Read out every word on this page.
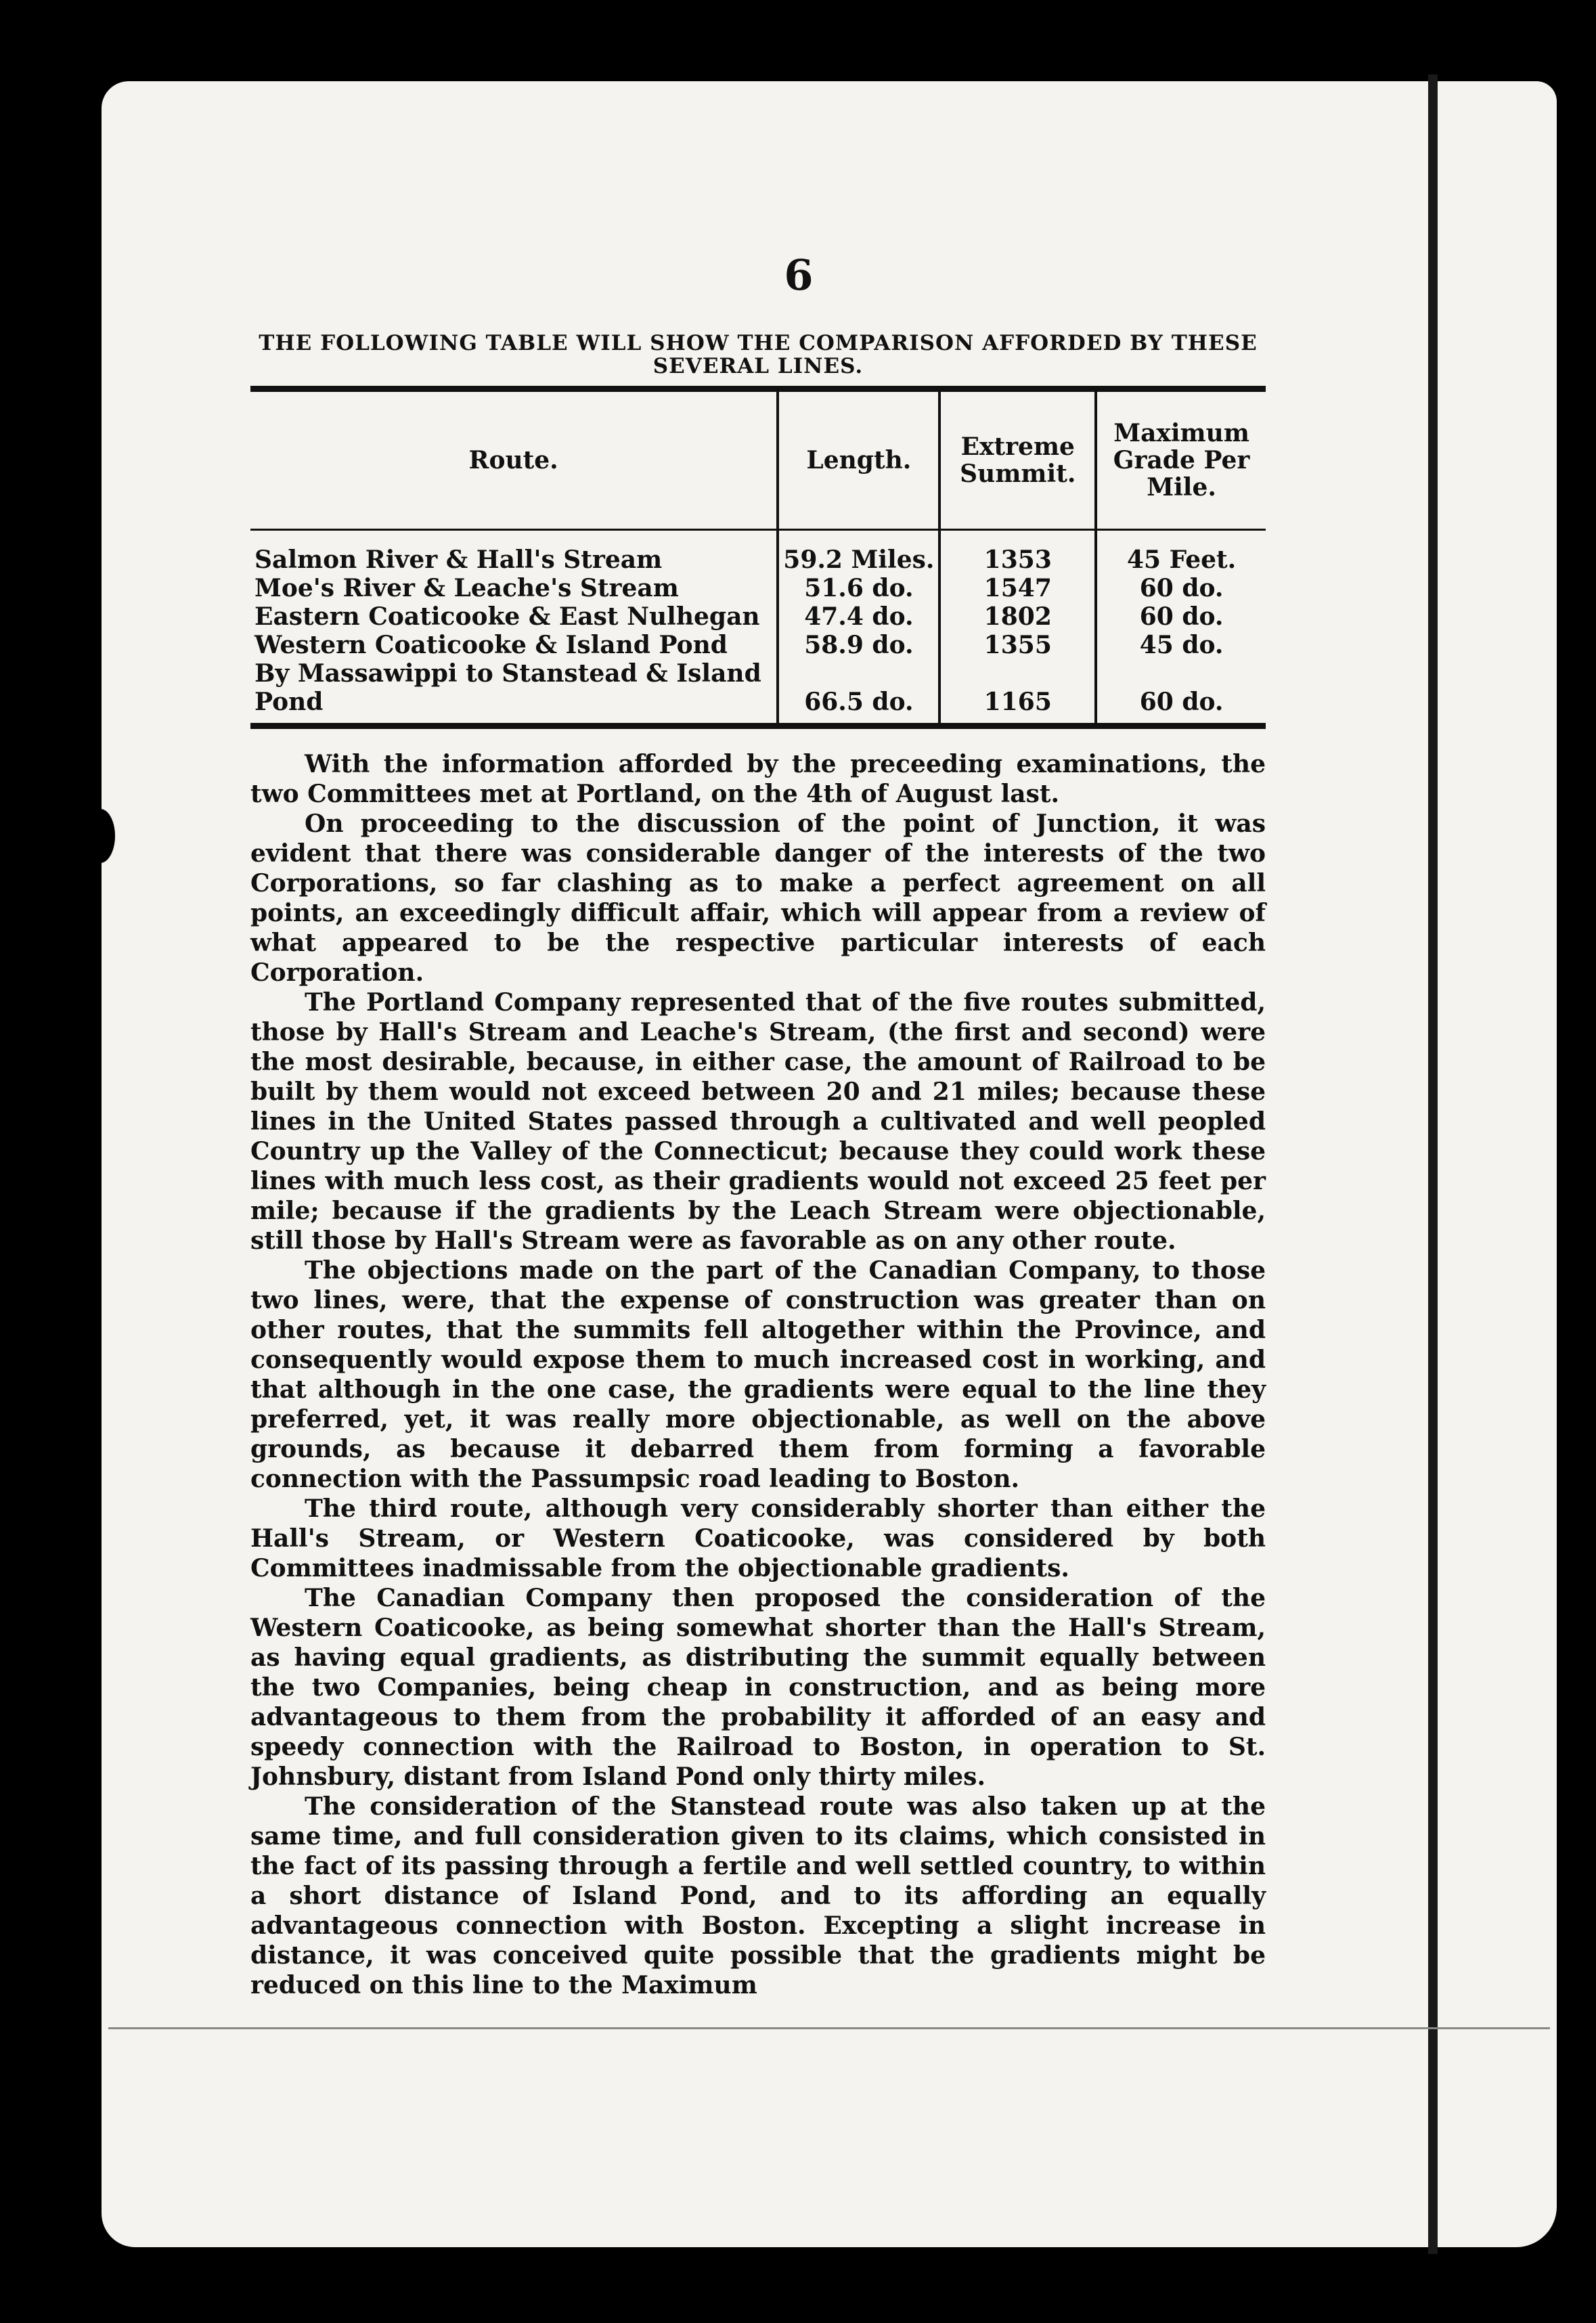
6
THE FOLLOWING TABLE WILL SHOW THE COMPARISON AFFORDED BY THESE SEVERAL LINES.
Route.	Length.	Extreme Summit.	Maximum Grade Per Mile.
Salmon River & Hall's Stream	59.2 Miles.	1353	45 Feet.
Moe's River & Leache's Stream	51.6 do.	1547	60 do.
Eastern Coaticooke & East Nulhegan	47.4 do.	1802	60 do.
Western Coaticooke & Island Pond	58.9 do.	1355	45 do.
By Massawippi to Stanstead & Island			
Pond	66.5 do.	1165	60 do.

With the information afforded by the preceeding examinations, the two Committees met at Portland, on the 4th of August last.

On proceeding to the discussion of the point of Junction, it was evident that there was considerable danger of the interests of the two Corporations, so far clashing as to make a perfect agreement on all points, an exceedingly difficult affair, which will appear from a review of what appeared to be the respective particular interests of each Corporation.

The Portland Company represented that of the five routes submitted, those by Hall's Stream and Leache's Stream, (the first and second) were the most desirable, because, in either case, the amount of Railroad to be built by them would not exceed between 20 and 21 miles; because these lines in the United States passed through a cultivated and well peopled Country up the Valley of the Connecticut; because they could work these lines with much less cost, as their gradients would not exceed 25 feet per mile; because if the gradients by the Leach Stream were objectionable, still those by Hall's Stream were as favorable as on any other route.

The objections made on the part of the Canadian Company, to those two lines, were, that the expense of construction was greater than on other routes, that the summits fell altogether within the Province, and consequently would expose them to much increased cost in working, and that although in the one case, the gradients were equal to the line they preferred, yet, it was really more objectionable, as well on the above grounds, as because it debarred them from forming a favorable connection with the Passumpsic road leading to Boston.

The third route, although very considerably shorter than either the Hall's Stream, or Western Coaticooke, was considered by both Committees inadmissable from the objectionable gradients.

The Canadian Company then proposed the consideration of the Western Coaticooke, as being somewhat shorter than the Hall's Stream, as having equal gradients, as distributing the summit equally between the two Companies, being cheap in construction, and as being more advantageous to them from the probability it afforded of an easy and speedy connection with the Railroad to Boston, in operation to St. Johnsbury, distant from Island Pond only thirty miles.

The consideration of the Stanstead route was also taken up at the same time, and full consideration given to its claims, which consisted in the fact of its passing through a fertile and well settled country, to within a short distance of Island Pond, and to its affording an equally advantageous connection with Boston. Excepting a slight increase in distance, it was conceived quite possible that the gradients might be reduced on this line to the Maximum
